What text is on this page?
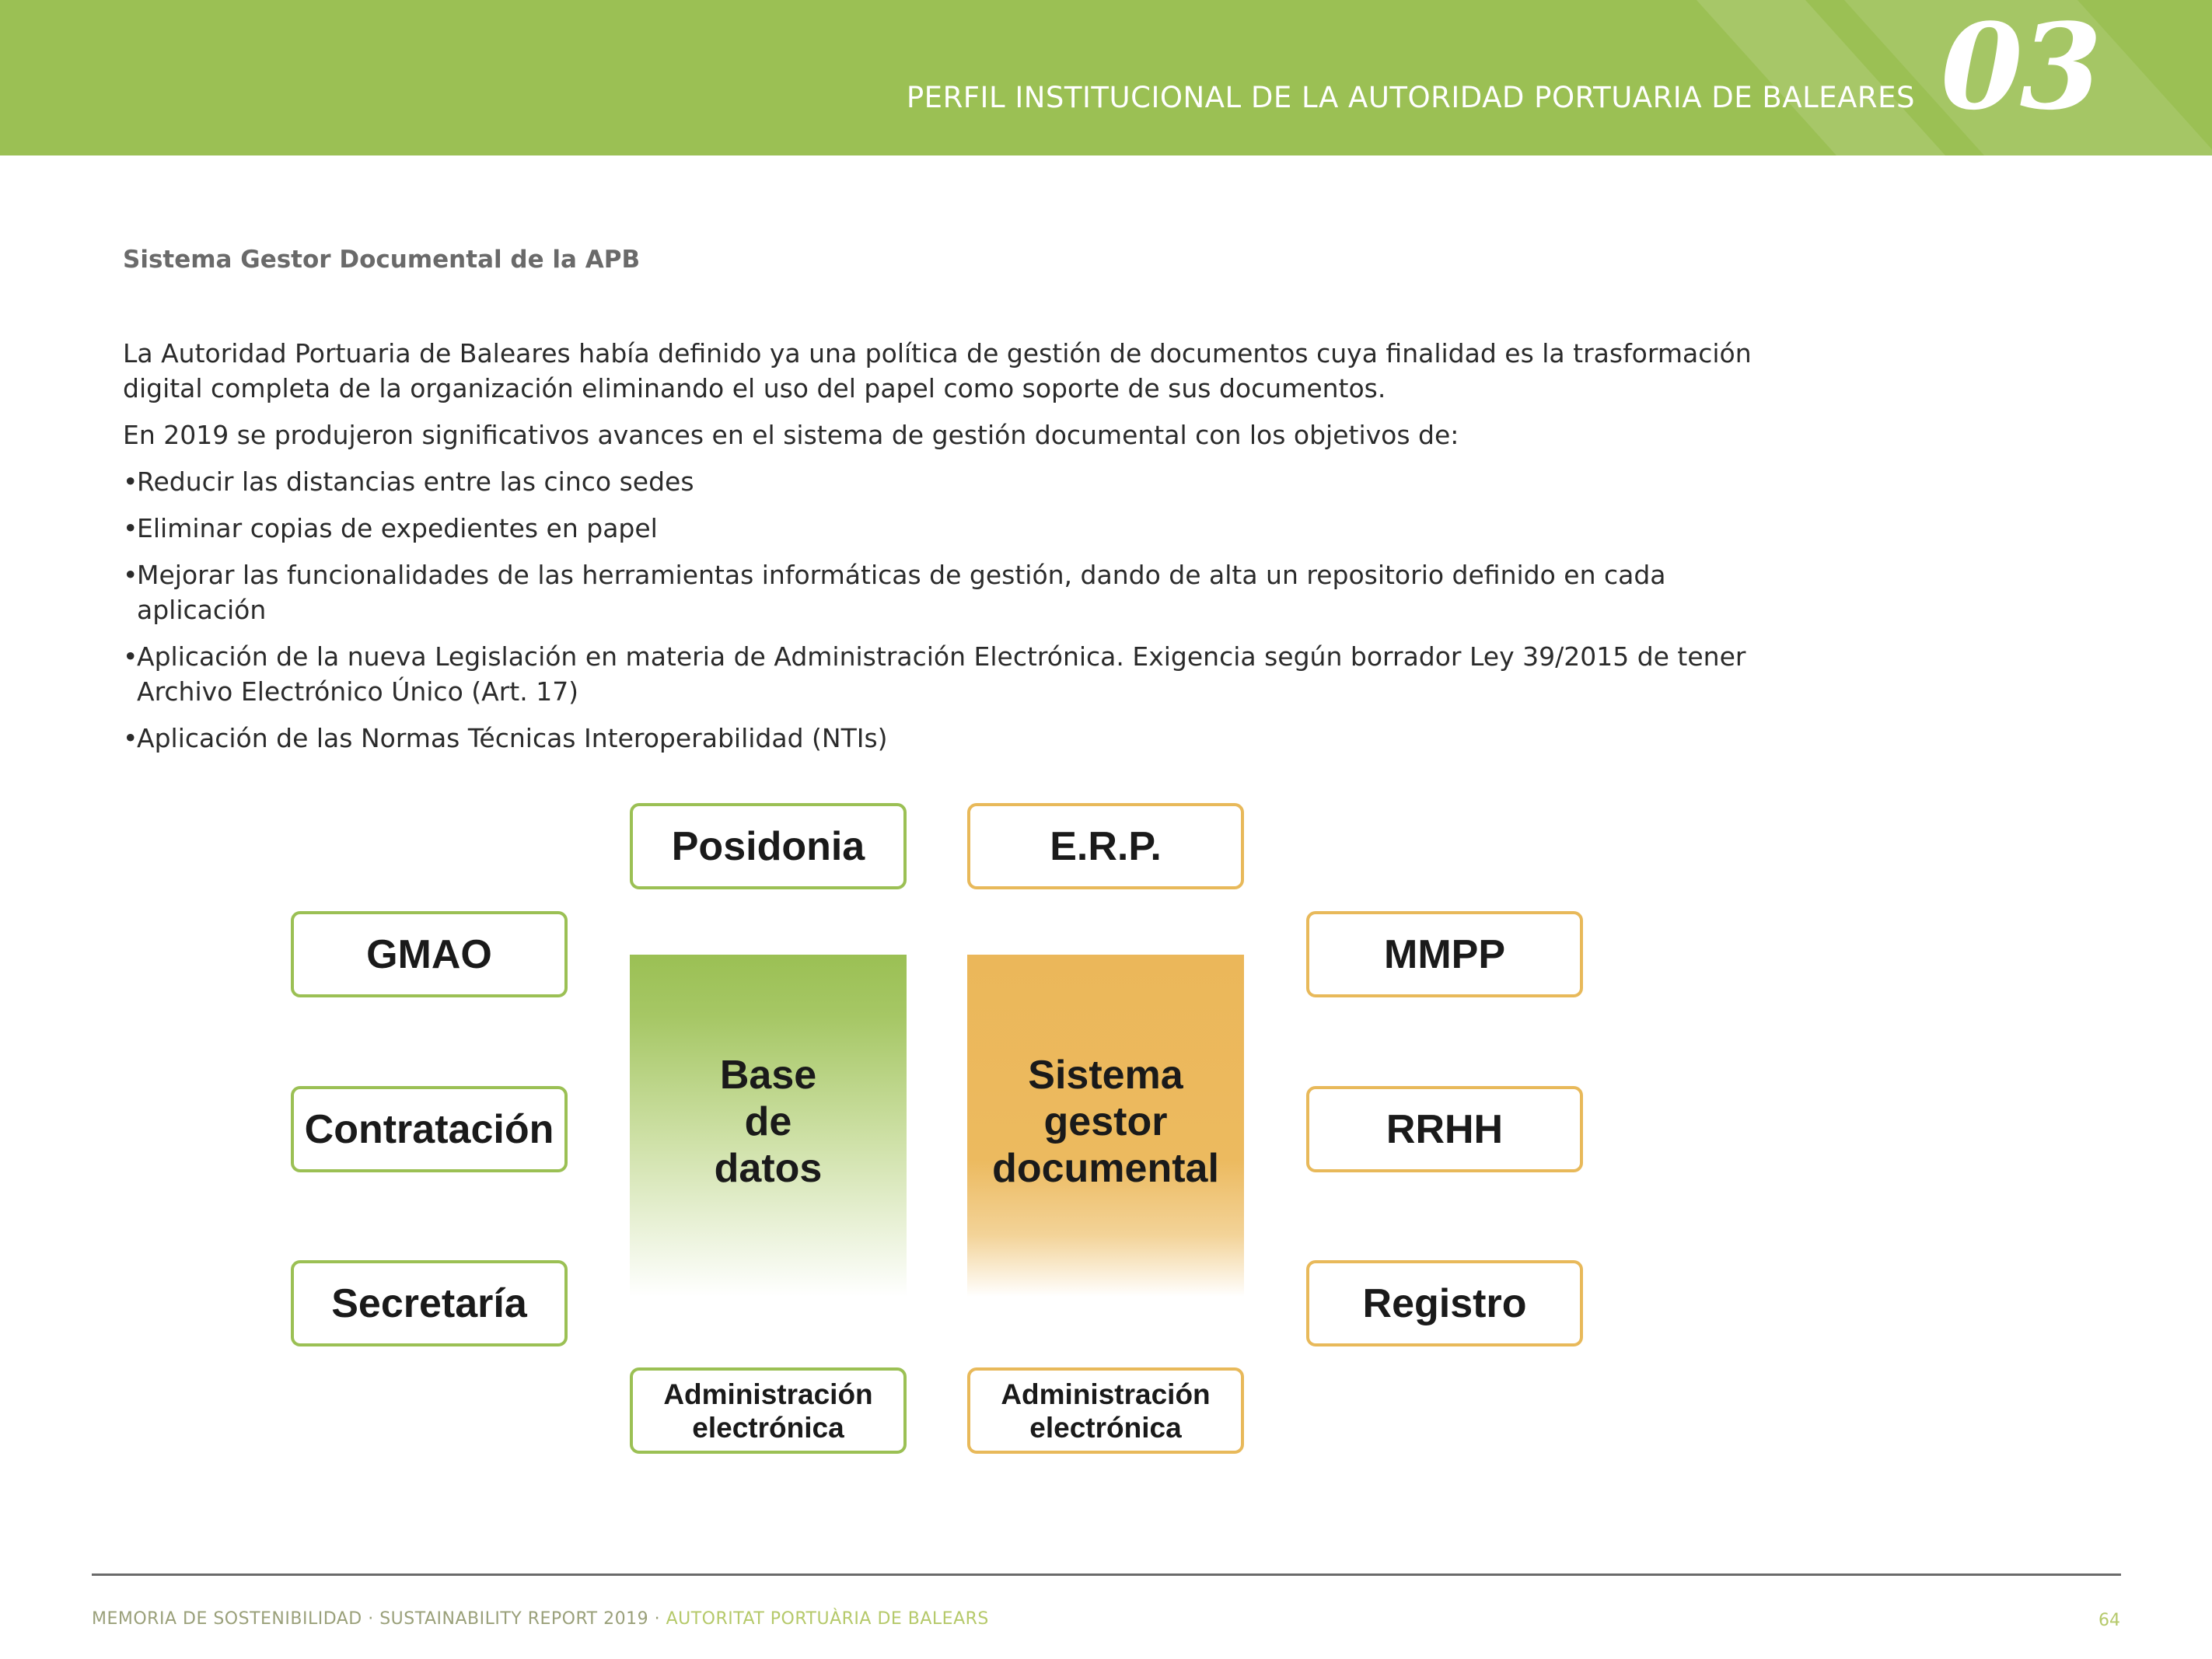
PERFIL INSTITUCIONAL DE LA AUTORIDAD PORTUARIA DE BALEARES 03
Sistema Gestor Documental de la APB
La Autoridad Portuaria de Baleares había definido ya una política de gestión de documentos cuya finalidad es la trasformación digital completa de la organización eliminando el uso del papel como soporte de sus documentos.
En 2019 se produjeron significativos avances en el sistema de gestión documental con los objetivos de:
• Reducir las distancias entre las cinco sedes
• Eliminar copias de expedientes en papel
• Mejorar las funcionalidades de las herramientas informáticas de gestión, dando de alta un repositorio definido en cada aplicación
• Aplicación de la nueva Legislación en materia de Administración Electrónica. Exigencia según borrador Ley 39/2015 de tener Archivo Electrónico Único (Art. 17)
• Aplicación de las Normas Técnicas Interoperabilidad (NTIs)
Posidonia	E.R.P.
GMAO
Contratación
Secretaría
MMPP
RRHH
Registro
Base
de
datos
Sistema
gestor
documental
Administración
electrónica
Administración
electrónica
MEMORIA DE SOSTENIBILIDAD · SUSTAINABILITY REPORT 2019 · AUTORITAT PORTUÀRIA DE BALEARS	64
